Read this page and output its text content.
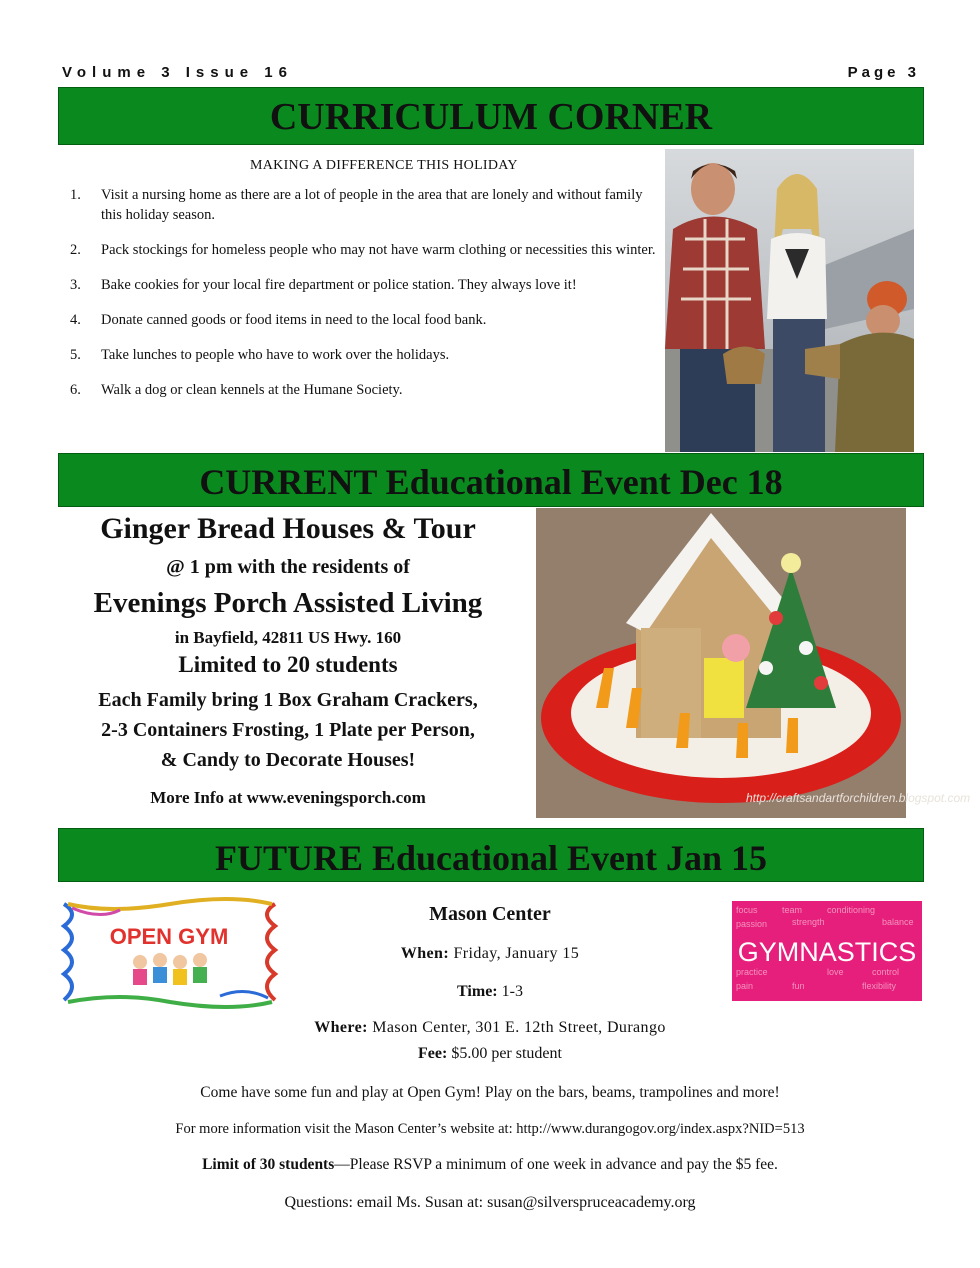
Volume 3 Issue 16	Page 3
CURRICULUM CORNER
MAKING A DIFFERENCE THIS HOLIDAY
1. Visit a nursing home as there are a lot of people in the area that are lonely and without family this holiday season.
2. Pack stockings for homeless people who may not have warm clothing or necessities this winter.
3. Bake cookies for your local fire department or police station. They always love it!
4. Donate canned goods or food items in need to the local food bank.
5. Take lunches to people who have to work over the holidays.
6. Walk a dog or clean kennels at the Humane Society.
CURRENT Educational Event Dec 18
Ginger Bread Houses & Tour
@ 1 pm with the residents of
Evenings Porch Assisted Living
in Bayfield, 42811 US Hwy. 160
Limited to 20 students
Each Family bring 1 Box Graham Crackers,
2-3 Containers Frosting, 1 Plate per Person,
& Candy to Decorate Houses!
More Info at www.eveningsporch.com	http://craftsandartforchildren.blogspot.com
FUTURE Educational Event Jan 15
OPEN GYM
focus	team	conditioning
passion	strength	balance
practice	love	control
pain	fun	flexibility
GYMNASTICS
Mason Center
When: Friday, January 15
Time: 1-3
Where: Mason Center, 301 E. 12th Street, Durango
Fee: $5.00 per student
Come have some fun and play at Open Gym! Play on the bars, beams, trampolines and more!
For more information visit the Mason Center’s website at: http://www.durangogov.org/index.aspx?NID=513
Limit of 30 students—Please RSVP a minimum of one week in advance and pay the $5 fee.
Questions: email Ms. Susan at: susan@silverspruceacademy.org
